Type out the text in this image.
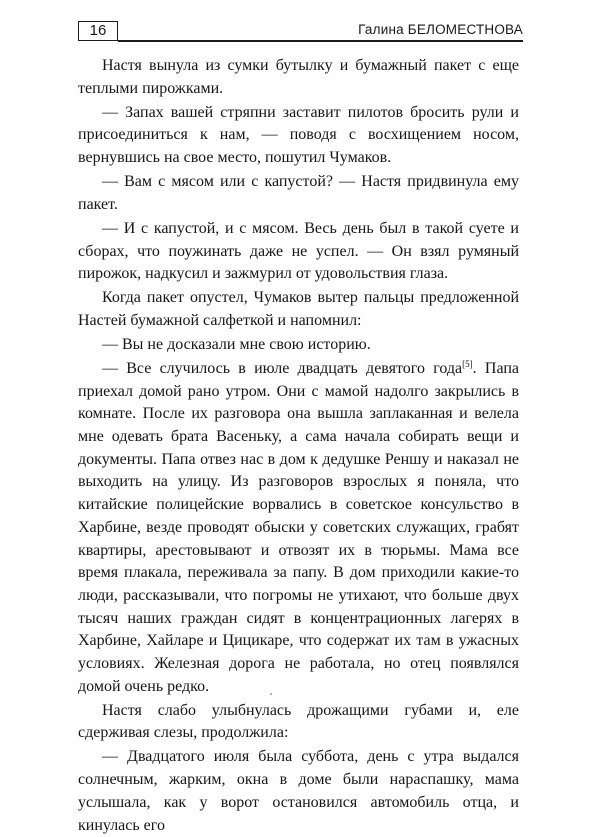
16	Галина БЕЛОМЕСТНОВА

Настя вынула из сумки бутылку и бумажный пакет с еще теплыми пирожками.

— Запах вашей стряпни заставит пилотов бросить рули и присоединиться к нам, — поводя с восхищением носом, вернувшись на свое место, пошутил Чумаков.

— Вам с мясом или с капустой? — Настя придвинула ему пакет.

— И с капустой, и с мясом. Весь день был в такой суете и сборах, что поужинать даже не успел. — Он взял румяный пирожок, надкусил и зажмурил от удовольствия глаза.

Когда пакет опустел, Чумаков вытер пальцы предложенной Настей бумажной салфеткой и напомнил:

— Вы не досказали мне свою историю.

— Все случилось в июле двадцать девятого года[5]. Папа приехал домой рано утром. Они с мамой надолго закрылись в комнате. После их разговора она вышла заплаканная и велела мне одевать брата Васеньку, а сама начала собирать вещи и документы. Папа отвез нас в дом к дедушке Реншу и наказал не выходить на улицу. Из разговоров взрослых я поняла, что китайские полицейские ворвались в советское консульство в Харбине, везде проводят обыски у советских служащих, грабят квартиры, арестовывают и отвозят их в тюрьмы. Мама все время плакала, переживала за папу. В дом приходили какие-то люди, рассказывали, что погромы не утихают, что больше двух тысяч наших граждан сидят в концентрационных лагерях в Харбине, Хайларе и Цицикаре, что содержат их там в ужасных условиях. Железная дорога не работала, но отец появлялся домой очень редко.

Настя слабо улыбнулась дрожащими губами и, еле сдерживая слезы, продолжила:

— Двадцатого июля была суббота, день с утра выдался солнечным, жарким, окна в доме были нараспашку, мама услышала, как у ворот остановился автомобиль отца, и кинулась его
